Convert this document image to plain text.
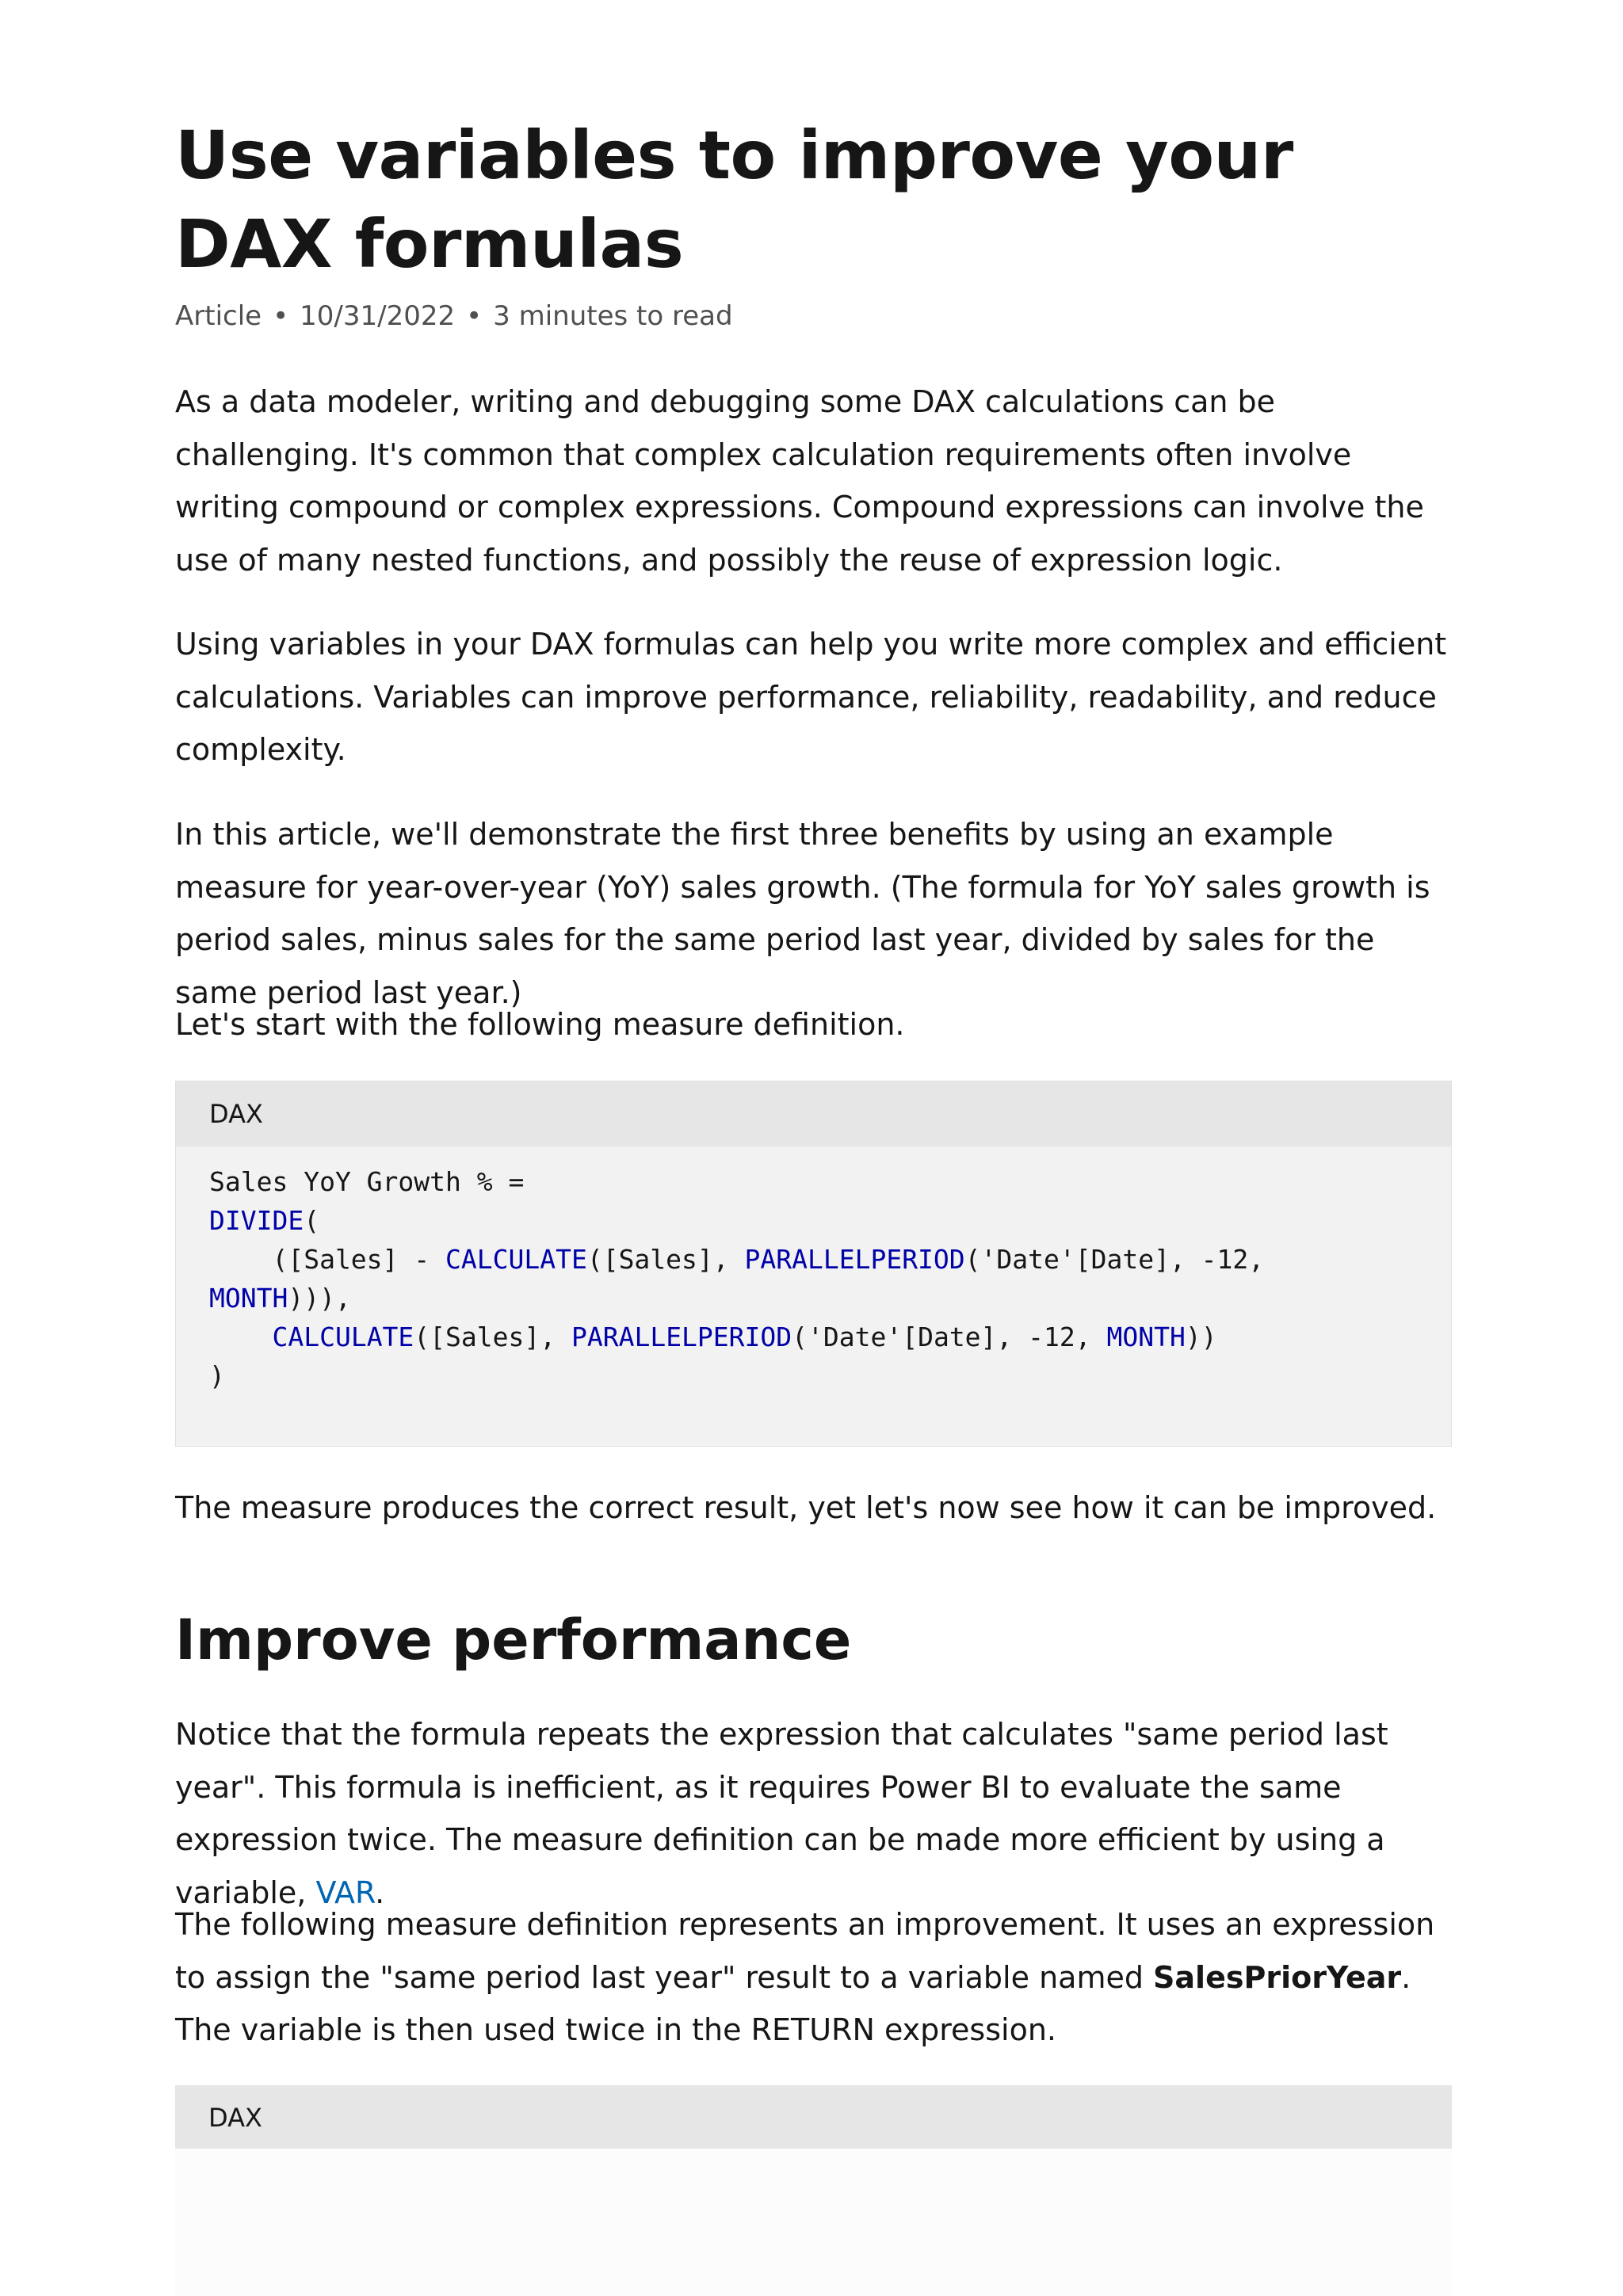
Use variables to improve your DAX formulas
Article • 10/31/2022 • 3 minutes to read

As a data modeler, writing and debugging some DAX calculations can be challenging. It's common that complex calculation requirements often involve writing compound or complex expressions. Compound expressions can involve the use of many nested functions, and possibly the reuse of expression logic.

Using variables in your DAX formulas can help you write more complex and efficient calculations. Variables can improve performance, reliability, readability, and reduce complexity.

In this article, we'll demonstrate the first three benefits by using an example measure for year-over-year (YoY) sales growth. (The formula for YoY sales growth is period sales, minus sales for the same period last year, divided by sales for the same period last year.)

Let's start with the following measure definition.

DAX
Sales YoY Growth % =
DIVIDE(
([Sales] - CALCULATE([Sales], PARALLELPERIOD('Date'[Date], -12,
MONTH))),
CALCULATE([Sales], PARALLELPERIOD('Date'[Date], -12, MONTH))
)

The measure produces the correct result, yet let's now see how it can be improved.

Improve performance

Notice that the formula repeats the expression that calculates "same period last year". This formula is inefficient, as it requires Power BI to evaluate the same expression twice. The measure definition can be made more efficient by using a variable, VAR.

The following measure definition represents an improvement. It uses an expression to assign the "same period last year" result to a variable named SalesPriorYear. The variable is then used twice in the RETURN expression.

DAX
